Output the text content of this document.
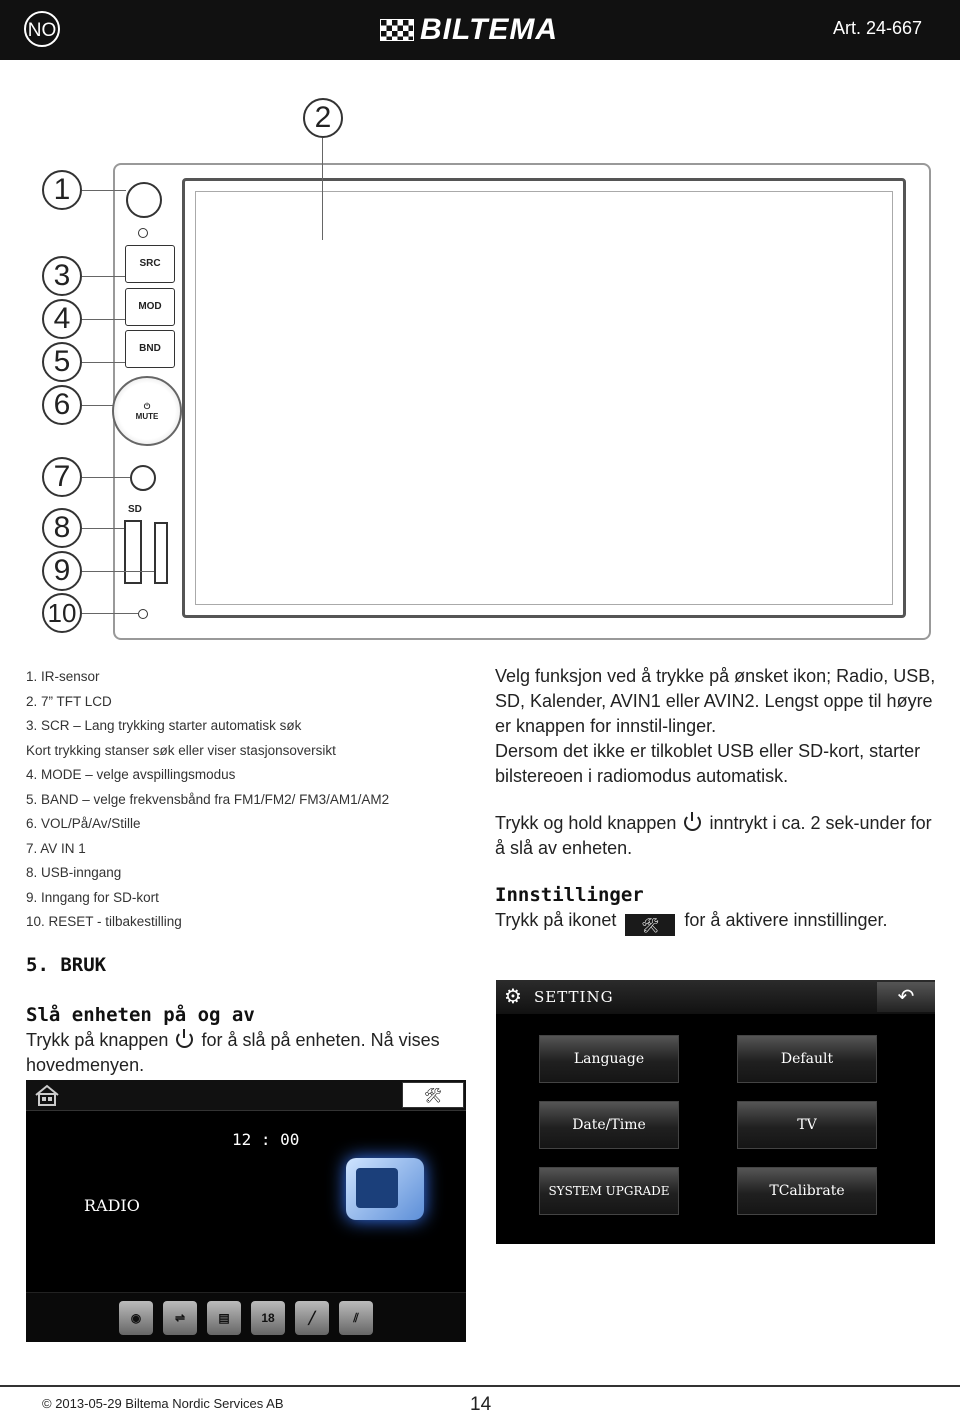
NO	BILTEMA	Art. 24-667
SRC
MOD
BND
⏻
MUTE
SD
2
1
3
4
5
6
7
8
9
10
1. IR-sensor
2. 7” TFT LCD
3. SCR – Lang trykking starter automatisk søk
Kort trykking stanser søk eller viser stasjonsoversikt
4. MODE – velge avspillingsmodus
5. BAND – velge frekvensbånd fra FM1/FM2/ FM3/AM1/AM2
6. VOL/På/Av/Stille
7. AV IN 1
8. USB-inngang
9. Inngang for SD-kort
10. RESET - tilbakestilling
5. BRUK
Slå enheten på og av
Trykk på knappen for å slå på enheten. Nå vises hovedmenyen.
🛠
12 : 00
RADIO
◉	⇌	▤	18	╱	⫽
Velg funksjon ved å trykke på ønsket ikon; Radio, USB, SD, Kalender, AVIN1 eller AVIN2. Lengst oppe til høyre er knappen for innstil-linger.
Dersom det ikke er tilkoblet USB eller SD-kort, starter bilstereoen i radiomodus automatisk.
Trykk og hold knappen inntrykt i ca. 2 sek-under for å slå av enheten.
Innstillinger
Trykk på ikonet 🛠 for å aktivere innstillinger.
⚙ SETTING	↶
Language	Default
Date/Time	TV
SYSTEM UPGRADE	TCalibrate
© 2013-05-29 Biltema Nordic Services AB	14
